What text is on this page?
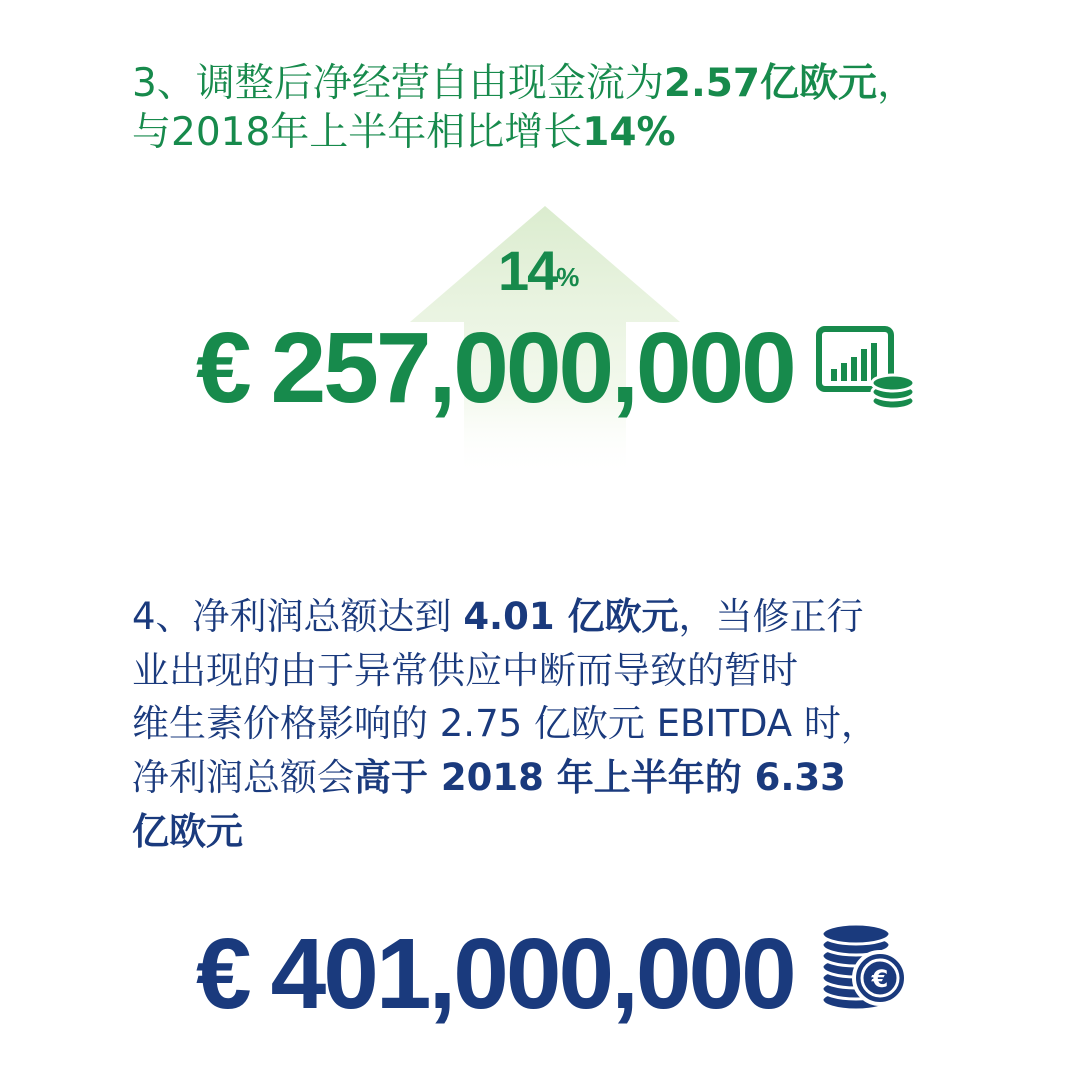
3、调整后净经营自由现金流为2.57亿欧元，
与2018年上半年相比增长14%
14%
€ 257,000,000
4、净利润总额达到 4.01 亿欧元，当修正行
业出现的由于异常供应中断而导致的暂时
维生素价格影响的 2.75 亿欧元 EBITDA 时，
净利润总额会高于 2018 年上半年的 6.33
亿欧元
€ 401,000,000	€
